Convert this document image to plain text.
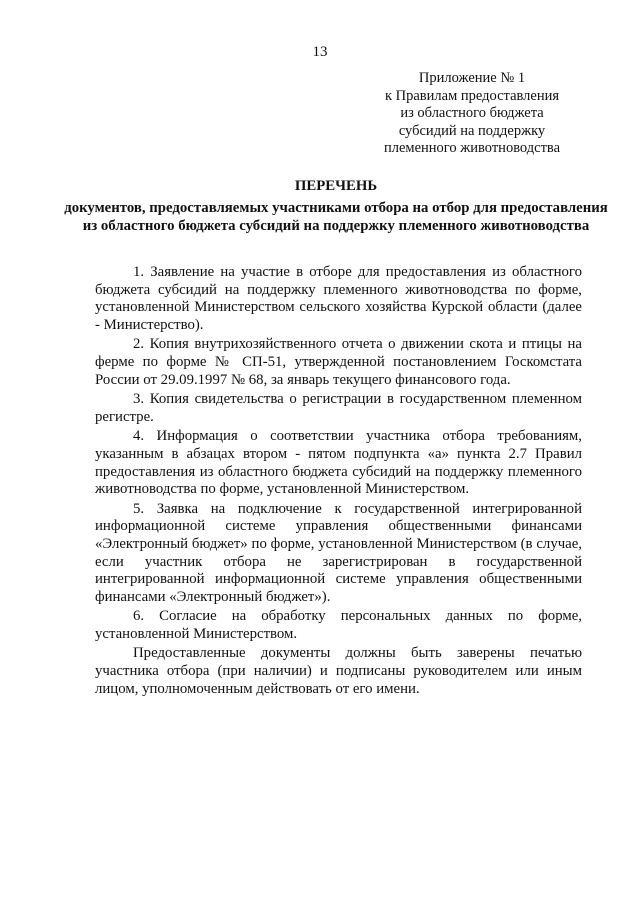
13
Приложение № 1
к Правилам предоставления
из областного бюджета
субсидий на поддержку
племенного животноводства
ПЕРЕЧЕНЬ
документов, предоставляемых участниками отбора на отбор для предоставления из областного бюджета субсидий на поддержку племенного животноводства

1. Заявление на участие в отборе для предоставления из областного бюджета субсидий на поддержку племенного животноводства по форме, установленной Министерством сельского хозяйства Курской области (далее - Министерство).

2. Копия внутрихозяйственного отчета о движении скота и птицы на ферме по форме № СП-51, утвержденной постановлением Госкомстата России от 29.09.1997 № 68, за январь текущего финансового года.

3. Копия свидетельства о регистрации в государственном племенном регистре.

4. Информация о соответствии участника отбора требованиям, указанным в абзацах втором - пятом подпункта «а» пункта 2.7 Правил предоставления из областного бюджета субсидий на поддержку племенного животноводства по форме, установленной Министерством.

5. Заявка на подключение к государственной интегрированной информационной системе управления общественными финансами «Электронный бюджет» по форме, установленной Министерством (в случае, если участник отбора не зарегистрирован в государственной интегрированной информационной системе управления общественными финансами «Электронный бюджет»).

6. Согласие на обработку персональных данных по форме, установленной Министерством.

Предоставленные документы должны быть заверены печатью участника отбора (при наличии) и подписаны руководителем или иным лицом, уполномоченным действовать от его имени.
